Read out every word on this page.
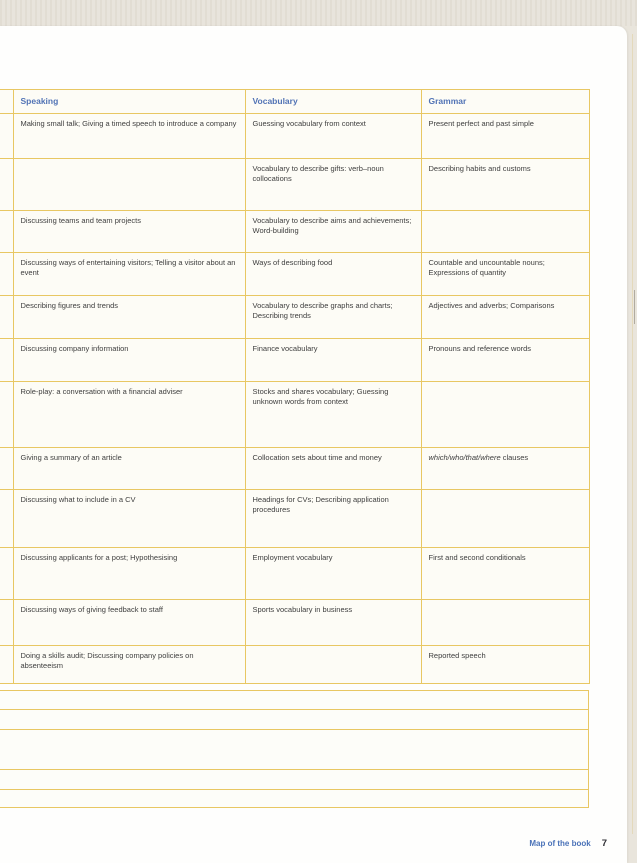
	Speaking	Vocabulary	Grammar
	Making small talk; Giving a timed speech to introduce a company	Guessing vocabulary from context	Present perfect and past simple
		Vocabulary to describe gifts: verb–noun collocations	Describing habits and customs
	Discussing teams and team projects	Vocabulary to describe aims and achievements; Word-building	
	Discussing ways of entertaining visitors; Telling a visitor about an event	Ways of describing food	Countable and uncountable nouns; Expressions of quantity
	Describing figures and trends	Vocabulary to describe graphs and charts; Describing trends	Adjectives and adverbs; Comparisons
	Discussing company information	Finance vocabulary	Pronouns and reference words
	Role-play: a conversation with a financial adviser	Stocks and shares vocabulary; Guessing unknown words from context	
	Giving a summary of an article	Collocation sets about time and money	which/who/that/where clauses
	Discussing what to include in a CV	Headings for CVs; Describing application procedures	
	Discussing applicants for a post; Hypothesising	Employment vocabulary	First and second conditionals
	Discussing ways of giving feedback to staff	Sports vocabulary in business	
	Doing a skills audit; Discussing company policies on absenteeism		Reported speech
Map of the book 7
